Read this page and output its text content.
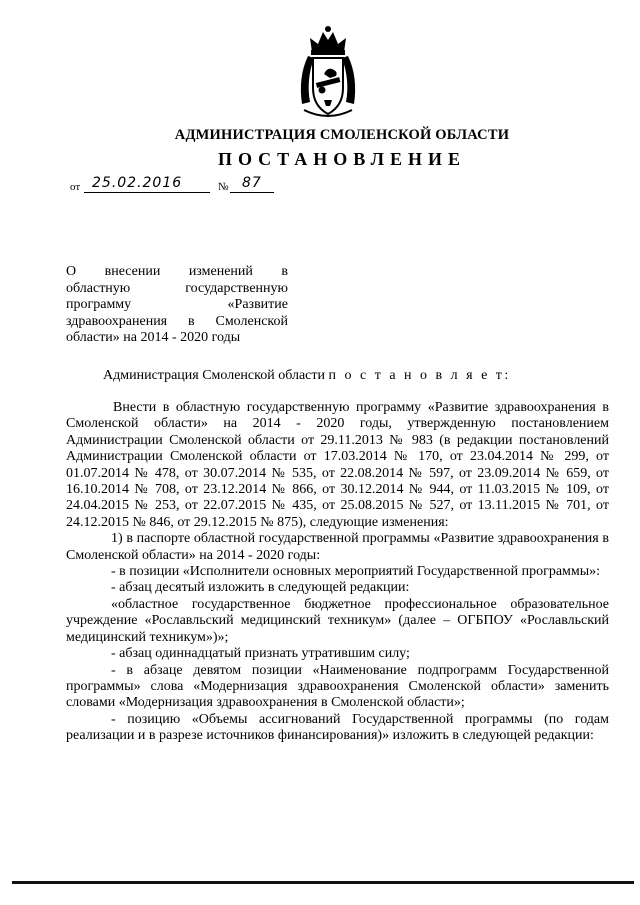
АДМИНИСТРАЦИЯ СМОЛЕНСКОЙ ОБЛАСТИ
ПОСТАНОВЛЕНИЕ
от 25.02.2016	№ 87
О внесении изменений в
областную государственную
программу «Развитие
здравоохранения в Смоленской
области» на 2014 - 2020 годы
Администрация Смоленской области п о с т а н о в л я е т:

Внести в областную государственную программу «Развитие здравоохранения в Смоленской области» на 2014 - 2020 годы, утвержденную постановлением Администрации Смоленской области от 29.11.2013 № 983 (в редакции постановлений Администрации Смоленской области от 17.03.2014 № 170, от 23.04.2014 № 299, от 01.07.2014 № 478, от 30.07.2014 № 535, от 22.08.2014 № 597, от 23.09.2014 № 659, от 16.10.2014 № 708, от 23.12.2014 № 866, от 30.12.2014 № 944, от 11.03.2015 № 109, от 24.04.2015 № 253, от 22.07.2015 № 435, от 25.08.2015 № 527, от 13.11.2015 № 701, от 24.12.2015 № 846, от 29.12.2015 № 875), следующие изменения:

1) в паспорте областной государственной программы «Развитие здравоохранения в Смоленской области» на 2014 - 2020 годы:

- в позиции «Исполнители основных мероприятий Государственной программы»:

- абзац десятый изложить в следующей редакции:

«областное государственное бюджетное профессиональное образовательное учреждение «Рославльский медицинский техникум» (далее – ОГБПОУ «Рославльский медицинский техникум»)»;

- абзац одиннадцатый признать утратившим силу;

- в абзаце девятом позиции «Наименование подпрограмм Государственной программы» слова «Модернизация здравоохранения Смоленской области» заменить словами «Модернизация здравоохранения в Смоленской области»;

- позицию «Объемы ассигнований Государственной программы (по годам реализации и в разрезе источников финансирования)» изложить в следующей редакции:
